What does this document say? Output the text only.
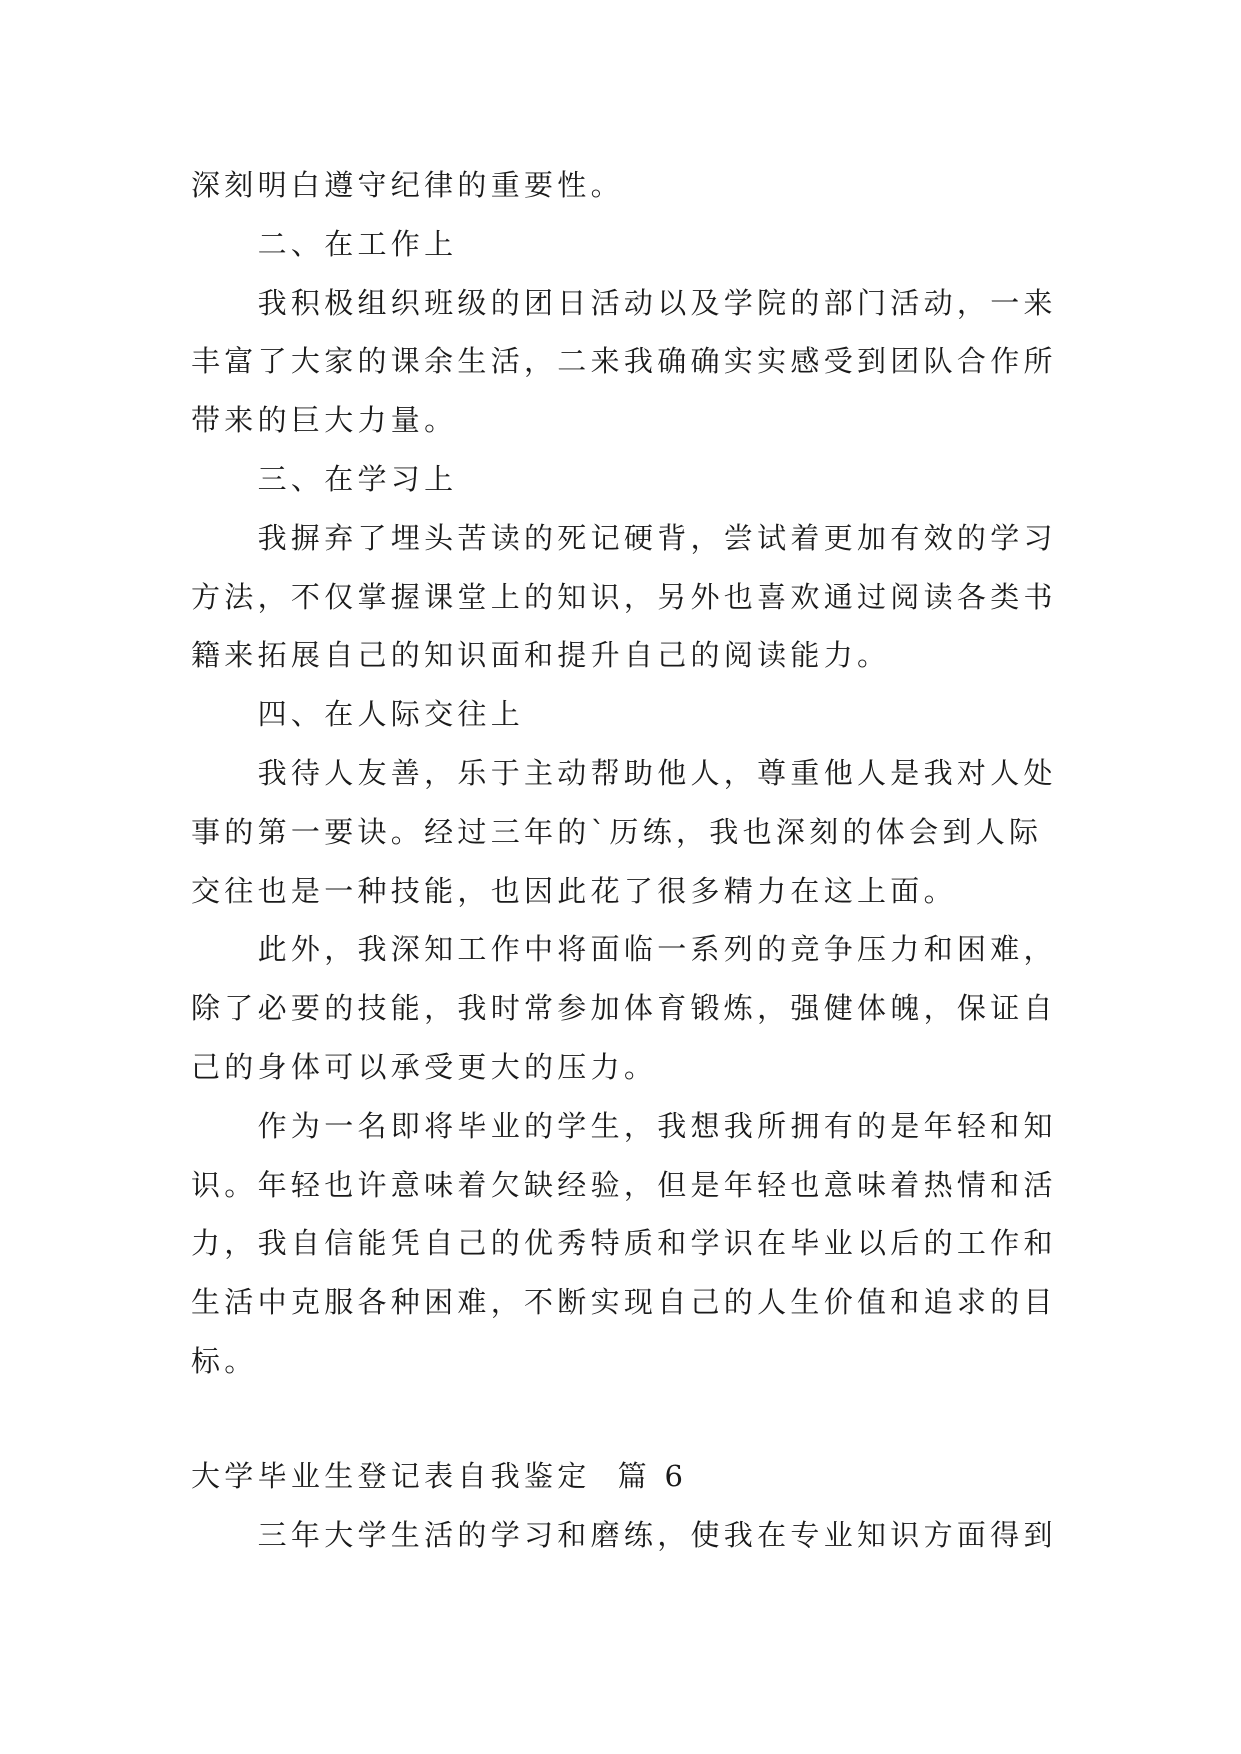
深刻明白遵守纪律的重要性。
二、在工作上
我积极组织班级的团日活动以及学院的部门活动，一来
丰富了大家的课余生活，二来我确确实实感受到团队合作所
带来的巨大力量。
三、在学习上
我摒弃了埋头苦读的死记硬背，尝试着更加有效的学习
方法，不仅掌握课堂上的知识，另外也喜欢通过阅读各类书
籍来拓展自己的知识面和提升自己的阅读能力。
四、在人际交往上
我待人友善，乐于主动帮助他人，尊重他人是我对人处
事的第一要诀。经过三年的`历练，我也深刻的体会到人际
交往也是一种技能，也因此花了很多精力在这上面。
此外，我深知工作中将面临一系列的竞争压力和困难，
除了必要的技能，我时常参加体育锻炼，强健体魄，保证自
己的身体可以承受更大的压力。
作为一名即将毕业的学生，我想我所拥有的是年轻和知
识。年轻也许意味着欠缺经验，但是年轻也意味着热情和活
力，我自信能凭自己的优秀特质和学识在毕业以后的工作和
生活中克服各种困难，不断实现自己的人生价值和追求的目
标。
大学毕业生登记表自我鉴定  篇 6
三年大学生活的学习和磨练，使我在专业知识方面得到
